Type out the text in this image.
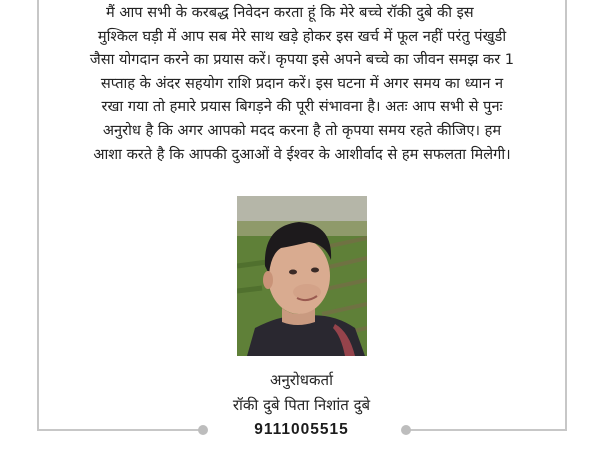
मैं आप सभी के करबद्ध निवेदन करता हूं कि मेरे बच्चे रॉकी दुबे की इस
मुश्किल घड़ी में आप सब मेरे साथ खड़े होकर इस खर्च में फूल नहीं परंतु पंखुडी
जैसा योगदान करने का प्रयास करें। कृपया इसे अपने बच्चे का जीवन समझ कर 1
सप्ताह के अंदर सहयोग राशि प्रदान करें। इस घटना में अगर समय का ध्यान न
रखा गया तो हमारे प्रयास बिगड़ने की पूरी संभावना है। अतः आप सभी से पुनः
अनुरोध है कि अगर आपको मदद करना है तो कृपया समय रहते कीजिए। हम
आशा करते है कि आपकी दुआओं वे ईश्वर के आशीर्वाद से हम सफलता मिलेगी।
अनुरोधकर्ता
रॉकी दुबे पिता निशांत दुबे
9111005515
